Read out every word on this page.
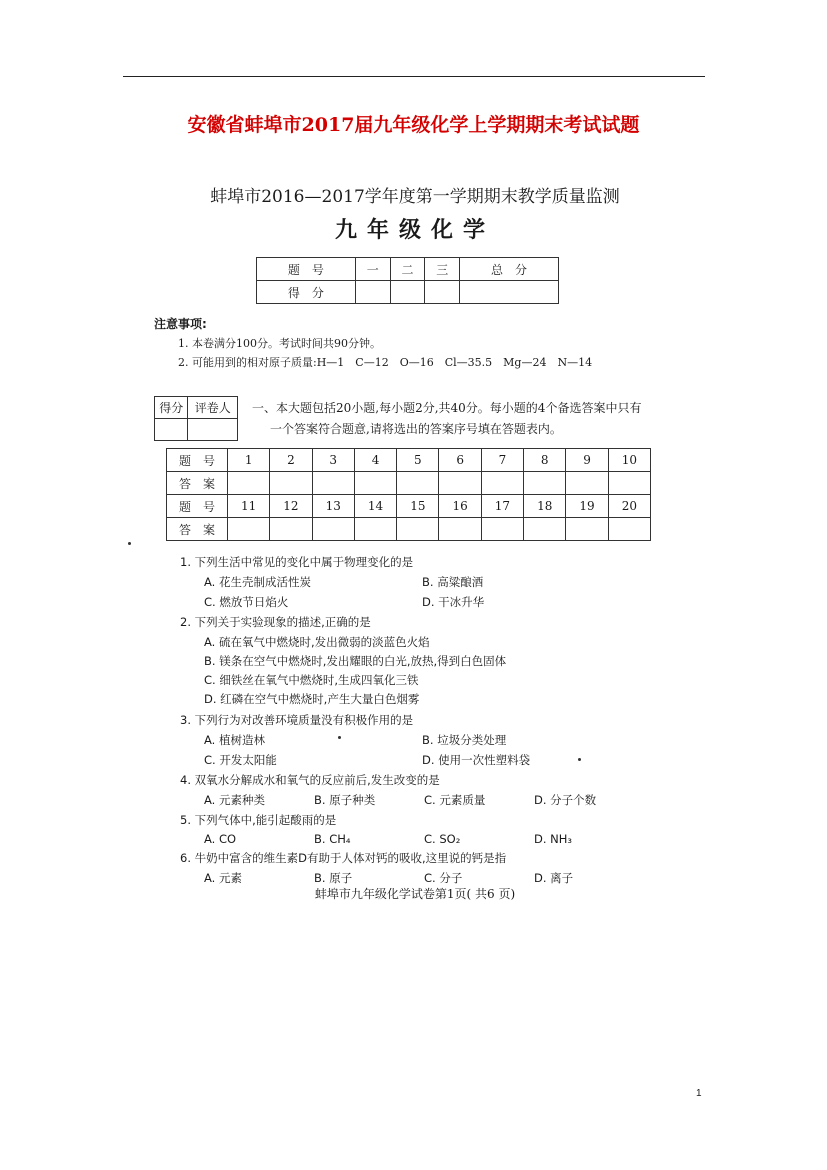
安徽省蚌埠市2017届九年级化学上学期期末考试试题
蚌埠市2016—2017学年度第一学期期末教学质量监测
九年级化学
题　号	一	二	三	总　分
得　分				
注意事项:
1. 本卷满分100分。考试时间共90分钟。
2. 可能用到的相对原子质量:H—1　C—12　O—16　Cl—35.5　Mg—24　N—14
得分	评卷人
	一、本大题包括20小题,每小题2分,共40分。每小题的4个备选答案中只有
一个答案符合题意,请将选出的答案序号填在答题表内。
题　号	1	2	3	4	5	6	7	8	9	10
答　案										
题　号	11	12	13	14	15	16	17	18	19	20
答　案										
1. 下列生活中常见的变化中属于物理变化的是
A. 花生壳制成活性炭	B. 高粱酿酒
C. 燃放节日焰火	D. 干冰升华
2. 下列关于实验现象的描述,正确的是
A. 硫在氧气中燃烧时,发出微弱的淡蓝色火焰
B. 镁条在空气中燃烧时,发出耀眼的白光,放热,得到白色固体
C. 细铁丝在氧气中燃烧时,生成四氧化三铁
D. 红磷在空气中燃烧时,产生大量白色烟雾
3. 下列行为对改善环境质量没有积极作用的是
A. 植树造林	B. 垃圾分类处理
C. 开发太阳能	D. 使用一次性塑料袋
4. 双氧水分解成水和氧气的反应前后,发生改变的是
A. 元素种类	B. 原子种类	C. 元素质量	D. 分子个数
5. 下列气体中,能引起酸雨的是
A. CO	B. CH₄	C. SO₂	D. NH₃
6. 牛奶中富含的维生素D有助于人体对钙的吸收,这里说的钙是指
A. 元素	B. 原子	C. 分子	D. 离子
蚌埠市九年级化学试卷第1页( 共6 页)
1
